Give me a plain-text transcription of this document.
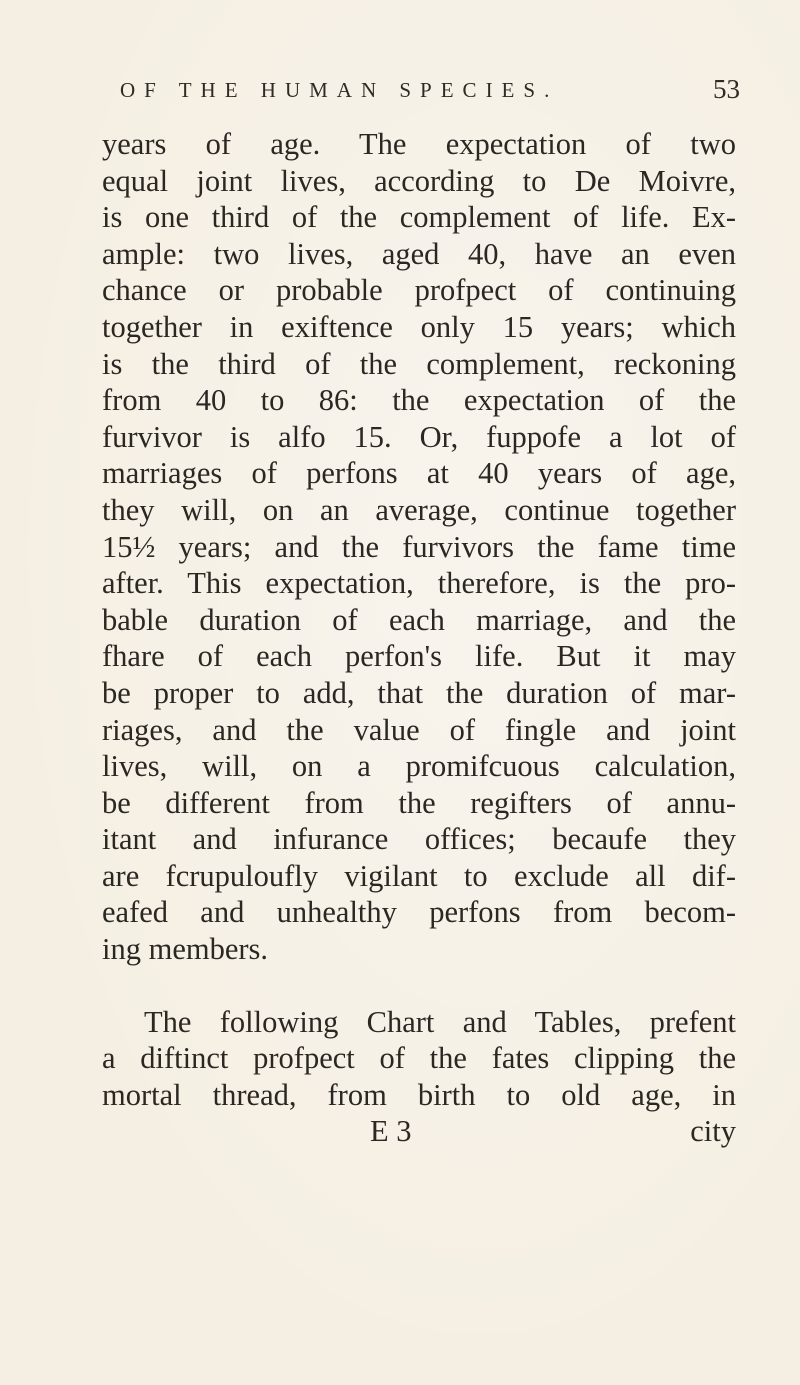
OF THE HUMAN SPECIES.	53
years of age. The expectation of two
equal joint lives, according to De Moivre,
is one third of the complement of life. Ex-
ample: two lives, aged 40, have an even
chance or probable profpect of continuing
together in exiftence only 15 years; which
is the third of the complement, reckoning
from 40 to 86: the expectation of the
furvivor is alfo 15. Or, fuppofe a lot of
marriages of perfons at 40 years of age,
they will, on an average, continue together
15½ years; and the furvivors the fame time
after. This expectation, therefore, is the pro-
bable duration of each marriage, and the
fhare of each perfon's life. But it may
be proper to add, that the duration of mar-
riages, and the value of fingle and joint
lives, will, on a promifcuous calculation,
be different from the regifters of annu-
itant and infurance offices; becaufe they
are fcrupuloufly vigilant to exclude all dif-
eafed and unhealthy perfons from becom-
ing members.
The following Chart and Tables, prefent
a diftinct profpect of the fates clipping the
mortal thread, from birth to old age, in
E 3	city
